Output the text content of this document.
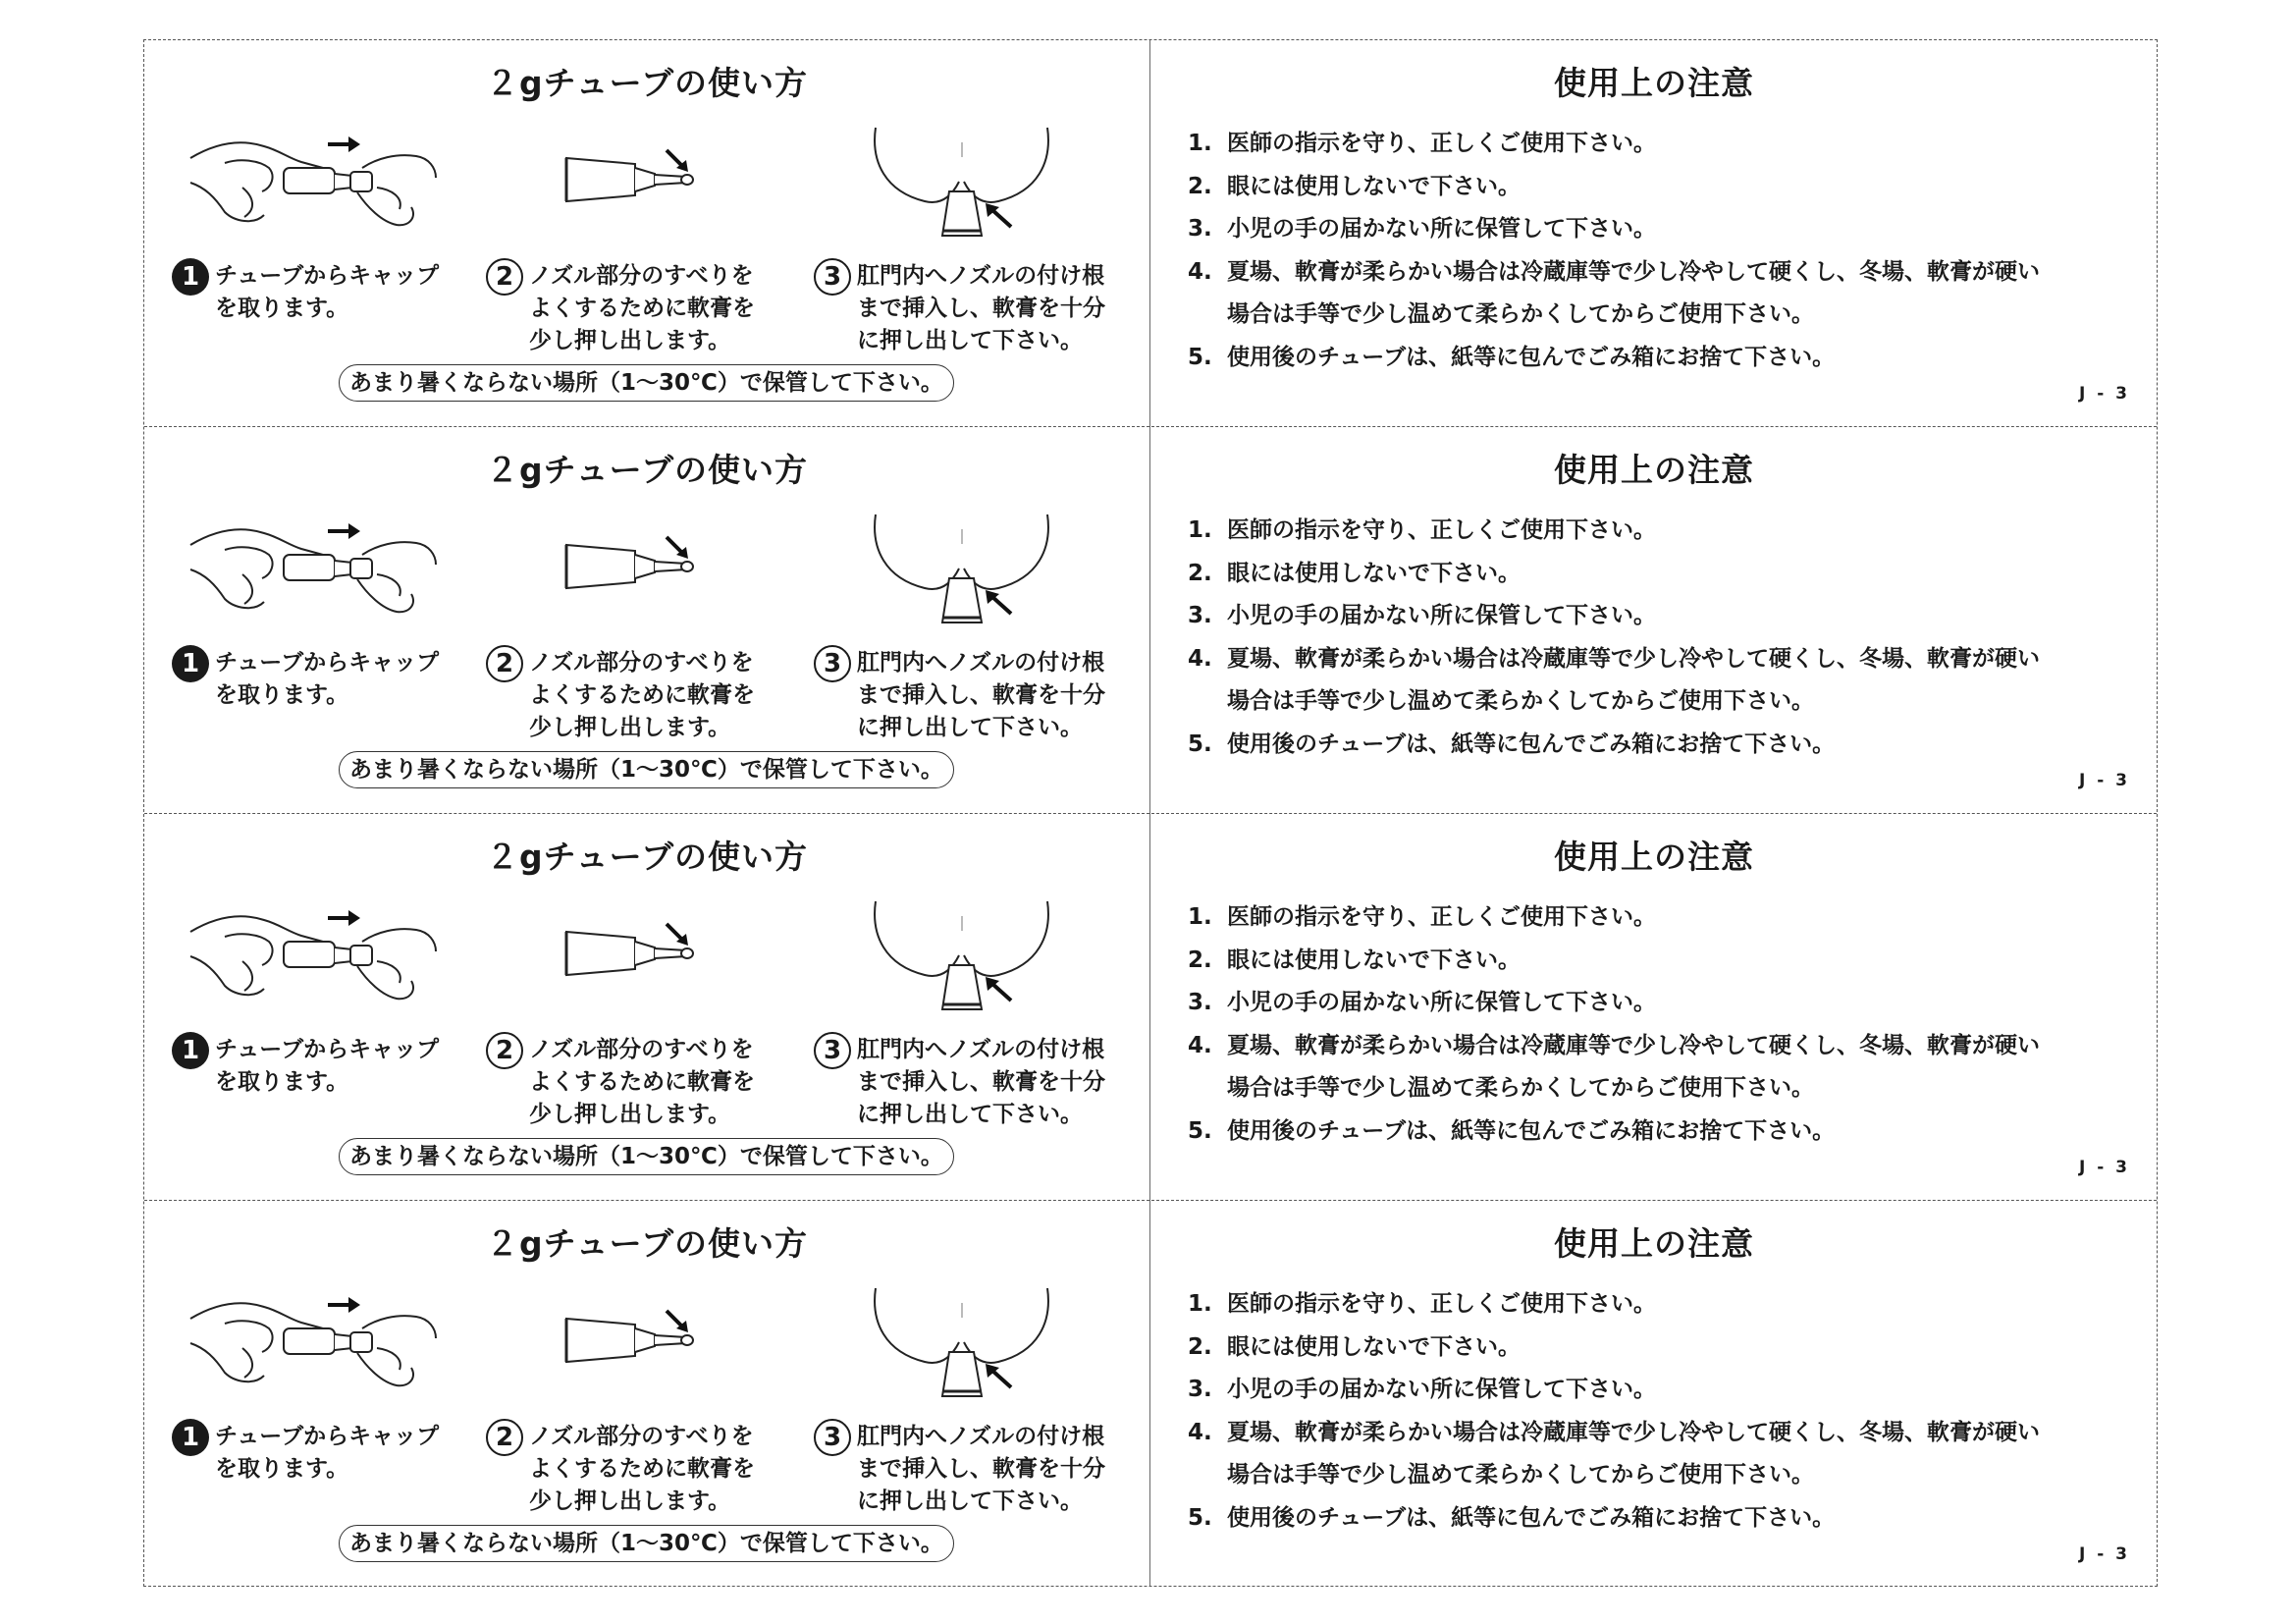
２gチューブの使い方
1 チューブからキャップ
を取ります。
2 ノズル部分のすべりを
よくするために軟膏を
少し押し出します。
3 肛門内へノズルの付け根
まで挿入し、軟膏を十分
に押し出して下さい。
あまり暑くならない場所（1〜30℃）で保管して下さい。
使用上の注意
1. 医師の指示を守り、正しくご使用下さい。
2. 眼には使用しないで下さい。
3. 小児の手の届かない所に保管して下さい。
4. 夏場、軟膏が柔らかい場合は冷蔵庫等で少し冷やして硬くし、冬場、軟膏が硬い
場合は手等で少し温めて柔らかくしてからご使用下さい。
5. 使用後のチューブは、紙等に包んでごみ箱にお捨て下さい。
J - 3
２gチューブの使い方
1 チューブからキャップ
を取ります。
2 ノズル部分のすべりを
よくするために軟膏を
少し押し出します。
3 肛門内へノズルの付け根
まで挿入し、軟膏を十分
に押し出して下さい。
あまり暑くならない場所（1〜30℃）で保管して下さい。
使用上の注意
1. 医師の指示を守り、正しくご使用下さい。
2. 眼には使用しないで下さい。
3. 小児の手の届かない所に保管して下さい。
4. 夏場、軟膏が柔らかい場合は冷蔵庫等で少し冷やして硬くし、冬場、軟膏が硬い
場合は手等で少し温めて柔らかくしてからご使用下さい。
5. 使用後のチューブは、紙等に包んでごみ箱にお捨て下さい。
J - 3
２gチューブの使い方
1 チューブからキャップ
を取ります。
2 ノズル部分のすべりを
よくするために軟膏を
少し押し出します。
3 肛門内へノズルの付け根
まで挿入し、軟膏を十分
に押し出して下さい。
あまり暑くならない場所（1〜30℃）で保管して下さい。
使用上の注意
1. 医師の指示を守り、正しくご使用下さい。
2. 眼には使用しないで下さい。
3. 小児の手の届かない所に保管して下さい。
4. 夏場、軟膏が柔らかい場合は冷蔵庫等で少し冷やして硬くし、冬場、軟膏が硬い
場合は手等で少し温めて柔らかくしてからご使用下さい。
5. 使用後のチューブは、紙等に包んでごみ箱にお捨て下さい。
J - 3
２gチューブの使い方
1 チューブからキャップ
を取ります。
2 ノズル部分のすべりを
よくするために軟膏を
少し押し出します。
3 肛門内へノズルの付け根
まで挿入し、軟膏を十分
に押し出して下さい。
あまり暑くならない場所（1〜30℃）で保管して下さい。
使用上の注意
1. 医師の指示を守り、正しくご使用下さい。
2. 眼には使用しないで下さい。
3. 小児の手の届かない所に保管して下さい。
4. 夏場、軟膏が柔らかい場合は冷蔵庫等で少し冷やして硬くし、冬場、軟膏が硬い
場合は手等で少し温めて柔らかくしてからご使用下さい。
5. 使用後のチューブは、紙等に包んでごみ箱にお捨て下さい。
J - 3
